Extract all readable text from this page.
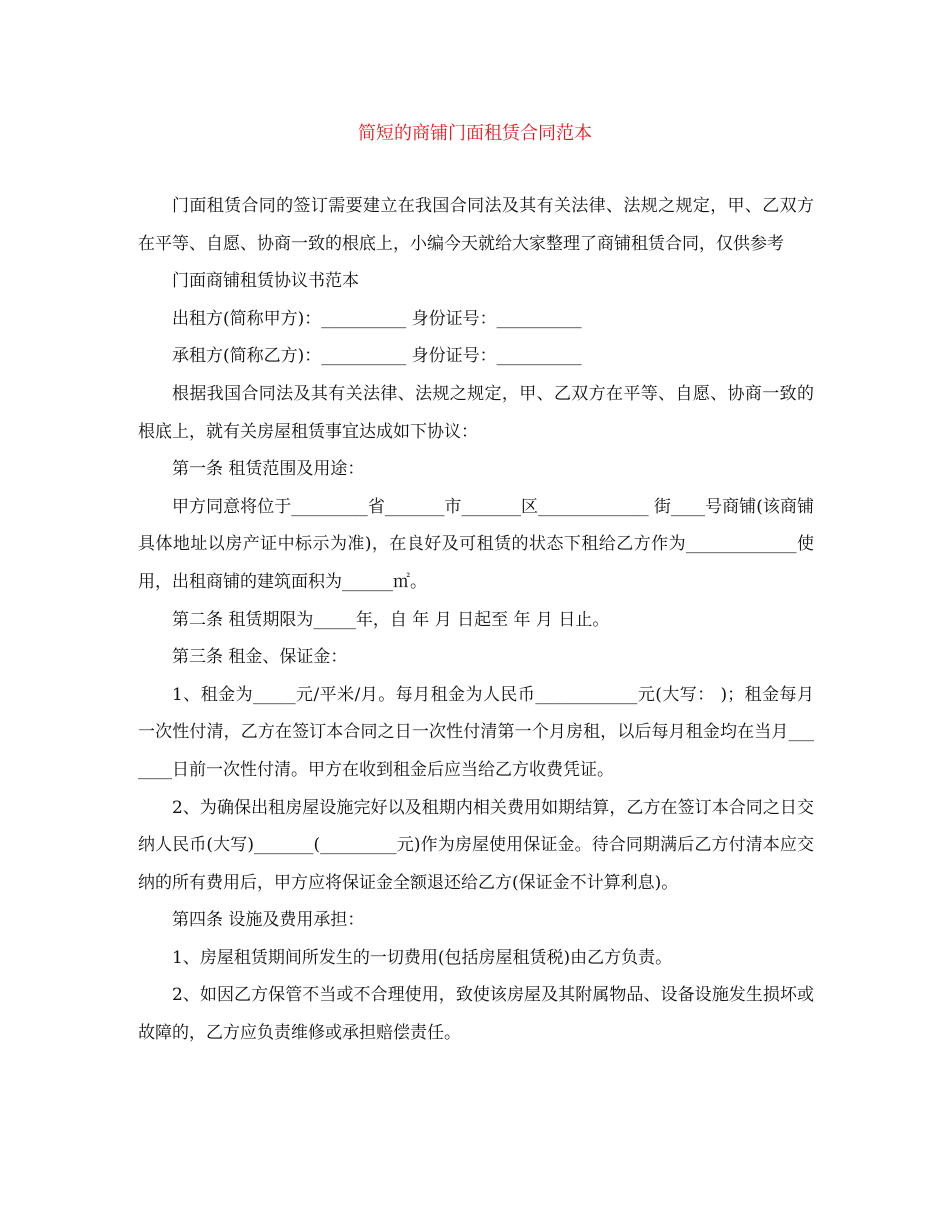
简短的商铺门面租赁合同范本

门面租赁合同的签订需要建立在我国合同法及其有关法律、法规之规定，甲、乙双方在平等、自愿、协商一致的根底上，小编今天就给大家整理了商铺租赁合同，仅供参考

门面商铺租赁协议书范本

出租方(简称甲方)：__________ 身份证号：__________

承租方(简称乙方)：__________ 身份证号：__________

根据我国合同法及其有关法律、法规之规定，甲、乙双方在平等、自愿、协商一致的根底上，就有关房屋租赁事宜达成如下协议：

第一条 租赁范围及用途：

甲方同意将位于_________省_______市_______区_____________ 街____号商铺(该商铺具体地址以房产证中标示为准)，在良好及可租赁的状态下租给乙方作为_____________使用，出租商铺的建筑面积为______㎡。

第二条 租赁期限为_____年，自 年 月 日起至 年 月 日止。

第三条 租金、保证金：

1、租金为_____元/平米/月。每月租金为人民币____________元(大写： )；租金每月一次性付清，乙方在签订本合同之日一次性付清第一个月房租，以后每月租金均在当月_______日前一次性付清。甲方在收到租金后应当给乙方收费凭证。

2、为确保出租房屋设施完好以及租期内相关费用如期结算，乙方在签订本合同之日交纳人民币(大写)_______(_________元)作为房屋使用保证金。待合同期满后乙方付清本应交纳的所有费用后，甲方应将保证金全额退还给乙方(保证金不计算利息)。

第四条 设施及费用承担：

1、房屋租赁期间所发生的一切费用(包括房屋租赁税)由乙方负责。

2、如因乙方保管不当或不合理使用，致使该房屋及其附属物品、设备设施发生损坏或故障的，乙方应负责维修或承担赔偿责任。
